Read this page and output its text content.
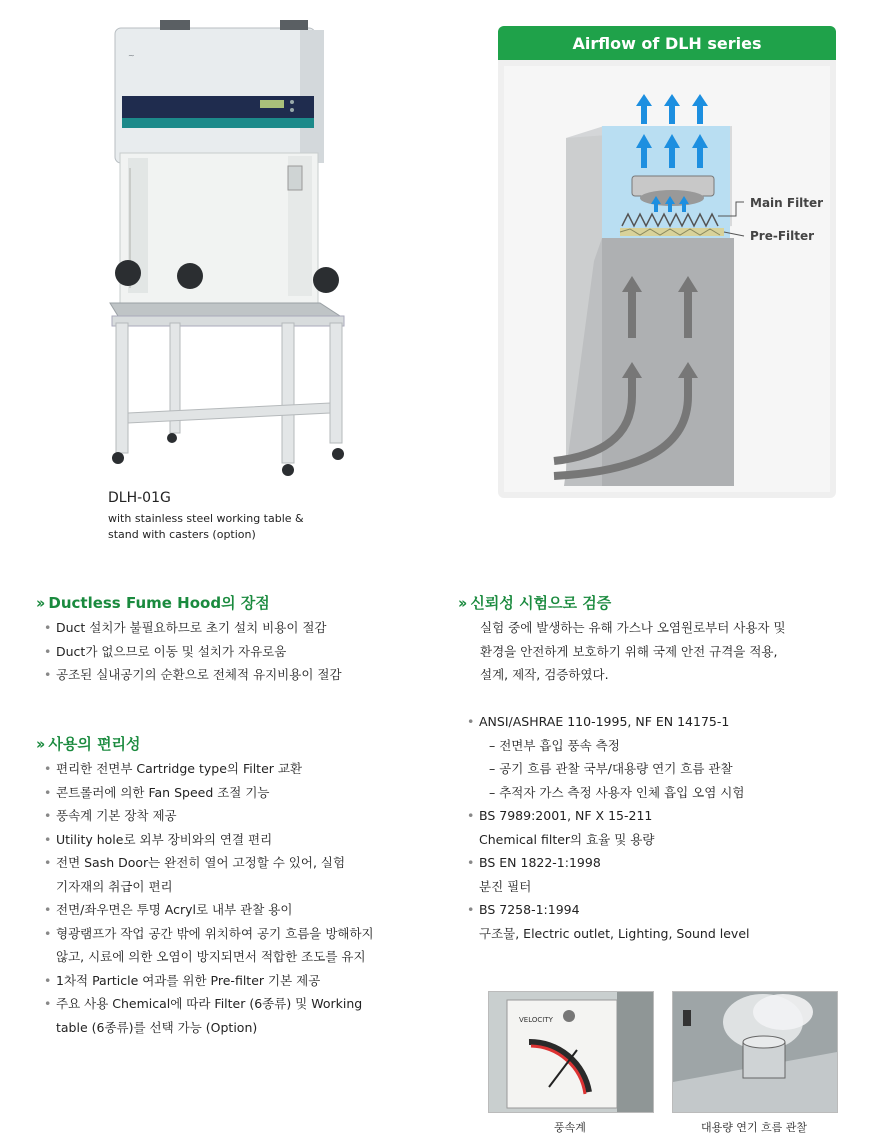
~
DLH-01G
with stainless steel working table &
stand with casters (option)
Airflow of DLH series
Main Filter
Pre-Filter
›› Ductless Fume Hood의 장점
• Duct 설치가 불필요하므로 초기 설치 비용이 절감
• Duct가 없으므로 이동 및 설치가 자유로움
• 공조된 실내공기의 순환으로 전체적 유지비용이 절감
›› 사용의 편리성
• 편리한 전면부 Cartridge type의 Filter 교환
• 콘트롤러에 의한 Fan Speed 조절 기능
• 풍속계 기본 장착 제공
• Utility hole로 외부 장비와의 연결 편리
• 전면 Sash Door는 완전히 열어 고정할 수 있어, 실험
기자재의 취급이 편리
• 전면/좌우면은 투명 Acryl로 내부 관찰 용이
• 형광램프가 작업 공간 밖에 위치하여 공기 흐름을 방해하지
않고, 시료에 의한 오염이 방지되면서 적합한 조도를 유지
• 1차적 Particle 여과를 위한 Pre-filter 기본 제공
• 주요 사용 Chemical에 따라 Filter (6종류) 및 Working
table (6종류)를 선택 가능 (Option)
›› 신뢰성 시험으로 검증
실험 중에 발생하는 유해 가스나 오염원로부터 사용자 및
환경을 안전하게 보호하기 위해 국제 안전 규격을 적용,
설계, 제작, 검증하였다.
• ANSI/ASHRAE 110-1995, NF EN 14175-1
– 전면부 흡입 풍속 측정
– 공기 흐름 관찰 국부/대용량 연기 흐름 관찰
– 추적자 가스 측정 사용자 인체 흡입 오염 시험
• BS 7989:2001, NF X 15-211
Chemical filter의 효율 및 용량
• BS EN 1822-1:1998
분진 필터
• BS 7258-1:1994
구조물, Electric outlet, Lighting, Sound level
VELOCITY
풍속계	대용량 연기 흐름 관찰
